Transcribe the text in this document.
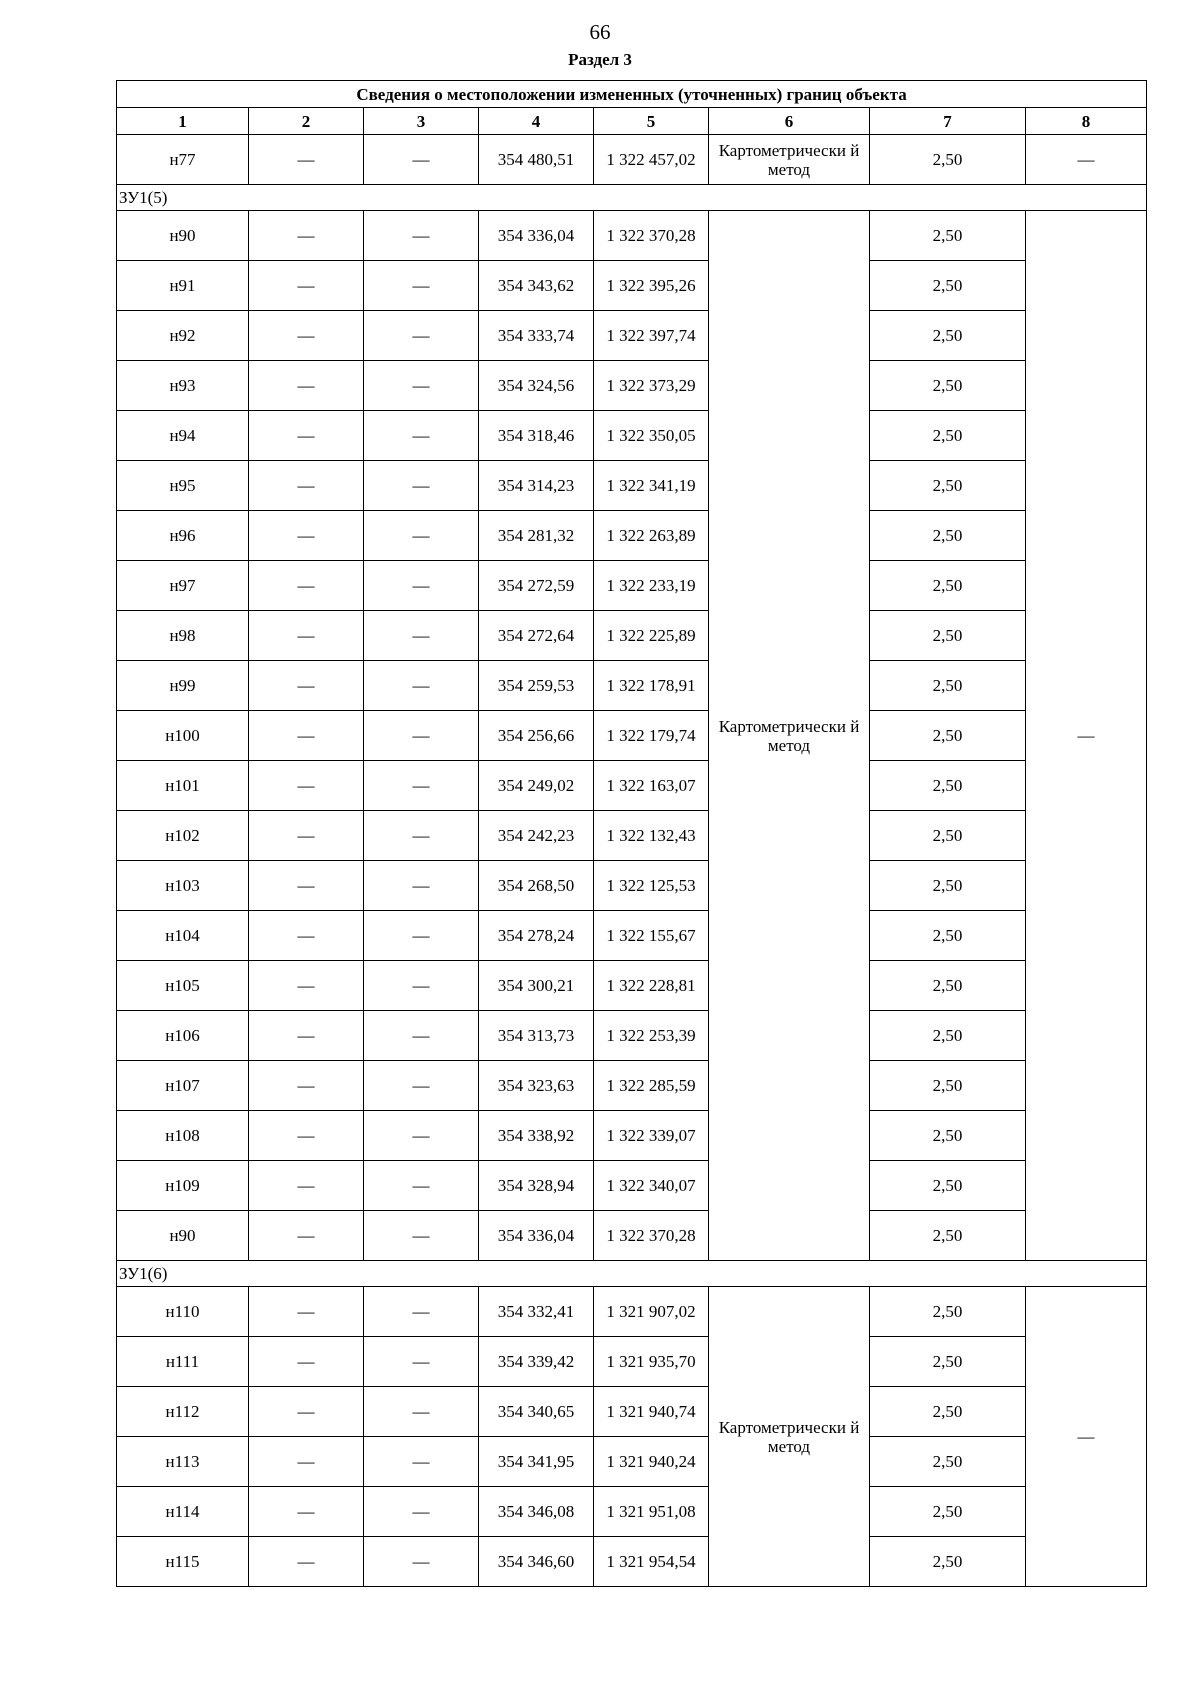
66
Раздел 3
Сведения о местоположении измененных (уточненных) границ объекта							
1	2	3	4	5	6	7	8
н77	—	—	354 480,51	1 322 457,02	Картометрически й метод	2,50	—
ЗУ1(5)							
н90	—	—	354 336,04	1 322 370,28	Картометрически й метод	2,50	—
н91	—	—	354 343,62	1 322 395,26		2,50	
н92	—	—	354 333,74	1 322 397,74		2,50	
н93	—	—	354 324,56	1 322 373,29		2,50	
н94	—	—	354 318,46	1 322 350,05		2,50	
н95	—	—	354 314,23	1 322 341,19		2,50	
н96	—	—	354 281,32	1 322 263,89		2,50	
н97	—	—	354 272,59	1 322 233,19		2,50	
н98	—	—	354 272,64	1 322 225,89		2,50	
н99	—	—	354 259,53	1 322 178,91		2,50	
н100	—	—	354 256,66	1 322 179,74		2,50	
н101	—	—	354 249,02	1 322 163,07		2,50	
н102	—	—	354 242,23	1 322 132,43		2,50	
н103	—	—	354 268,50	1 322 125,53		2,50	
н104	—	—	354 278,24	1 322 155,67		2,50	
н105	—	—	354 300,21	1 322 228,81		2,50	
н106	—	—	354 313,73	1 322 253,39		2,50	
н107	—	—	354 323,63	1 322 285,59		2,50	
н108	—	—	354 338,92	1 322 339,07		2,50	
н109	—	—	354 328,94	1 322 340,07		2,50	
н90	—	—	354 336,04	1 322 370,28		2,50	
ЗУ1(6)							
н110	—	—	354 332,41	1 321 907,02	Картометрически й метод	2,50	—
н111	—	—	354 339,42	1 321 935,70		2,50	
н112	—	—	354 340,65	1 321 940,74		2,50	
н113	—	—	354 341,95	1 321 940,24		2,50	
н114	—	—	354 346,08	1 321 951,08		2,50	
н115	—	—	354 346,60	1 321 954,54		2,50	
